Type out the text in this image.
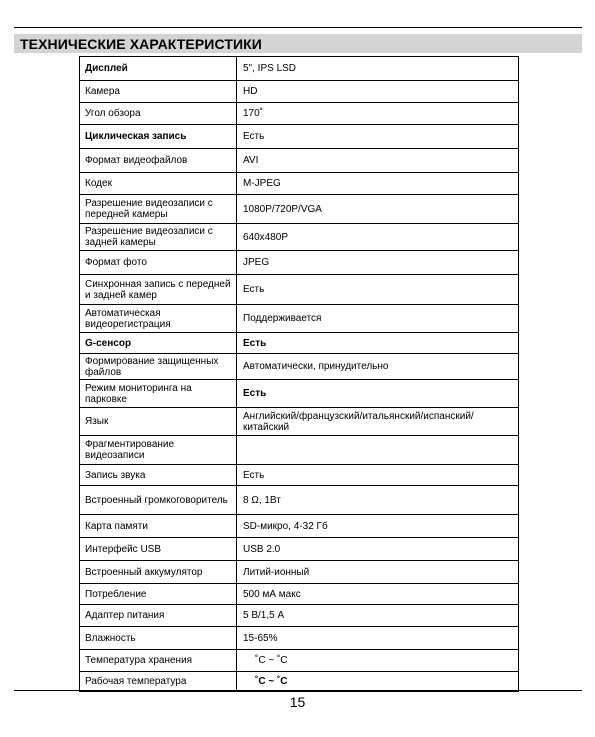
ТЕХНИЧЕСКИЕ ХАРАКТЕРИСТИКИ
Дисплей	5", IPS LSD
Камера	HD
Угол обзора	170˚
Циклическая запись	Есть
Формат видеофайлов	AVI
Кодек	M-JPEG
Разрешение видеозаписи с передней камеры	1080P/720P/VGA
Разрешение видеозаписи с задней камеры	640x480P
Формат фото	JPEG
Синхронная запись с передней и задней камер	Есть
Автоматическая видеорегистрация	Поддерживается
G-сенсор	Есть
Формирование защищенных файлов	Автоматически, принудительно
Режим мониторинга на парковке	Есть
Язык	Английский/французский/итальянский/испанский/ китайский
Фрагментирование видеозаписи	
Запись звука	Есть
Встроенный громкоговоритель	8 Ω, 1Вт
Карта памяти	SD-микро, 4-32 Гб
Интерфейс USB	USB 2.0
Встроенный аккумулятор	Литий-ионный
Потребление	500 мА макс
Адаптер питания	5 В/1,5 А
Влажность	15-65%
Температура хранения	˚C ~ ˚C
Рабочая температура	˚C ~ ˚C
15
